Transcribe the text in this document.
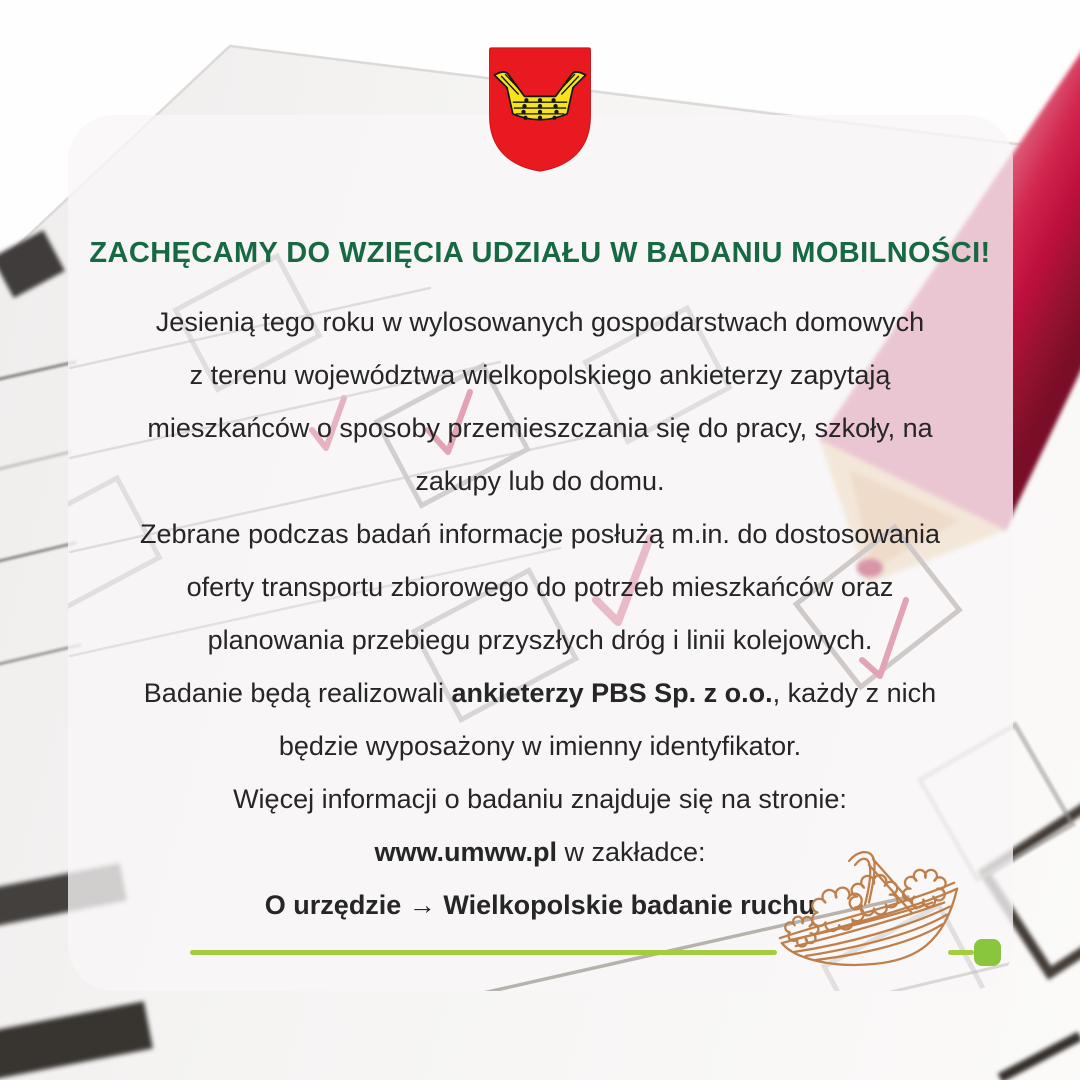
ZACHĘCAMY DO WZIĘCIA UDZIAŁU W BADANIU MOBILNOŚCI!
Jesienią tego roku w wylosowanych gospodarstwach domowych
z terenu województwa wielkopolskiego ankieterzy zapytają
mieszkańców o sposoby przemieszczania się do pracy, szkoły, na
zakupy lub do domu.
Zebrane podczas badań informacje posłużą m.in. do dostosowania
oferty transportu zbiorowego do potrzeb mieszkańców oraz
planowania przebiegu przyszłych dróg i linii kolejowych.
Badanie będą realizowali ankieterzy PBS Sp. z o.o., każdy z nich
będzie wyposażony w imienny identyfikator.
Więcej informacji o badaniu znajduje się na stronie:
www.umww.pl w zakładce:
O urzędzie → Wielkopolskie badanie ruchu
